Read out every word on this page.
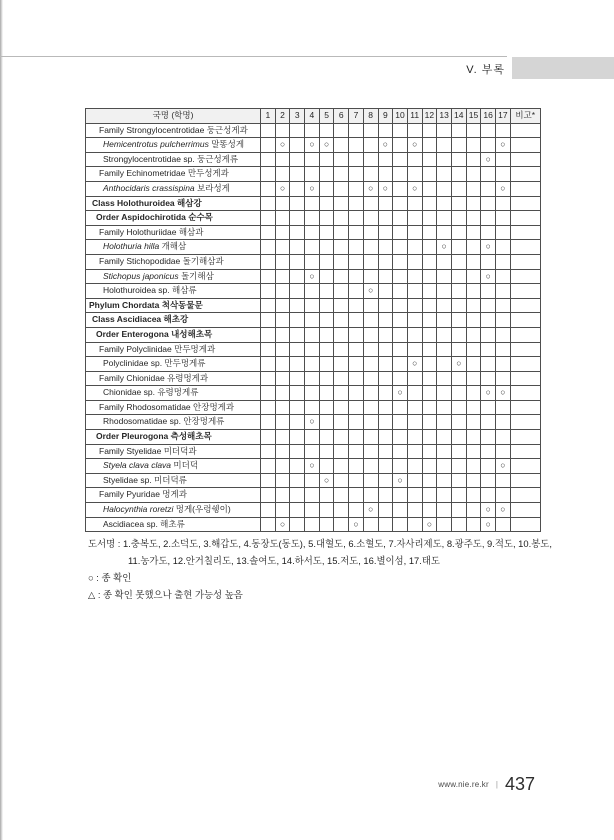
V. 부록
국명 (학명)	1	2	3	4	5	6	7	8	9	10	11	12	13	14	15	16	17	비고*
Family Strongylocentrotidae 둥근성게과																		
Hemicentrotus pulcherrimus 말똥성게		○		○	○				○		○						○	
Strongylocentrotidae sp. 둥근성게류																○		
Family Echinometridae 만두성게과																		
Anthocidaris crassispina 보라성게		○		○				○	○		○						○	
Class Holothuroidea 해삼강																		
Order Aspidochirotida 순수목																		
Family Holothuriidae 해삼과																		
Holothuria hilla 개해삼													○			○		
Family Stichopodidae 돌기해삼과																		
Stichopus japonicus 돌기해삼				○												○		
Holothuroidea sp. 해삼류								○										
Phylum Chordata 척삭동물문																		
Class Ascidiacea 해초강																		
Order Enterogona 내성해초목																		
Family Polyclinidae 만두멍게과																		
Polyclinidae sp. 만두멍게류											○			○				
Family Chionidae 유령멍게과																		
Chionidae sp. 유령멍게류										○						○	○	
Family Rhodosomatidae 안장멍게과																		
Rhodosomatidae sp. 안장멍게류				○														
Order Pleurogona 측성해초목																		
Family Styelidae 미더덕과																		
Styela clava clava 미더덕				○													○	
Styelidae sp. 미더덕류					○					○								
Family Pyuridae 멍게과																		
Halocynthia roretzi 멍게(우렁쉥이)								○								○	○	
Ascidiacea sp. 해초류		○					○					○				○		
도서명 : 1.충복도, 2.소덕도, 3.해갑도, 4.동장도(동도), 5.대혈도, 6.소혈도, 7.자사리제도, 8.광주도, 9.적도, 10.봉도,
11.농가도, 12.안거칠리도, 13.솔여도, 14.하서도, 15.저도, 16.별이섬, 17.태도
○ : 종 확인
△ : 종 확인 못했으나 출현 가능성 높음
www.nie.re.kr | 437
